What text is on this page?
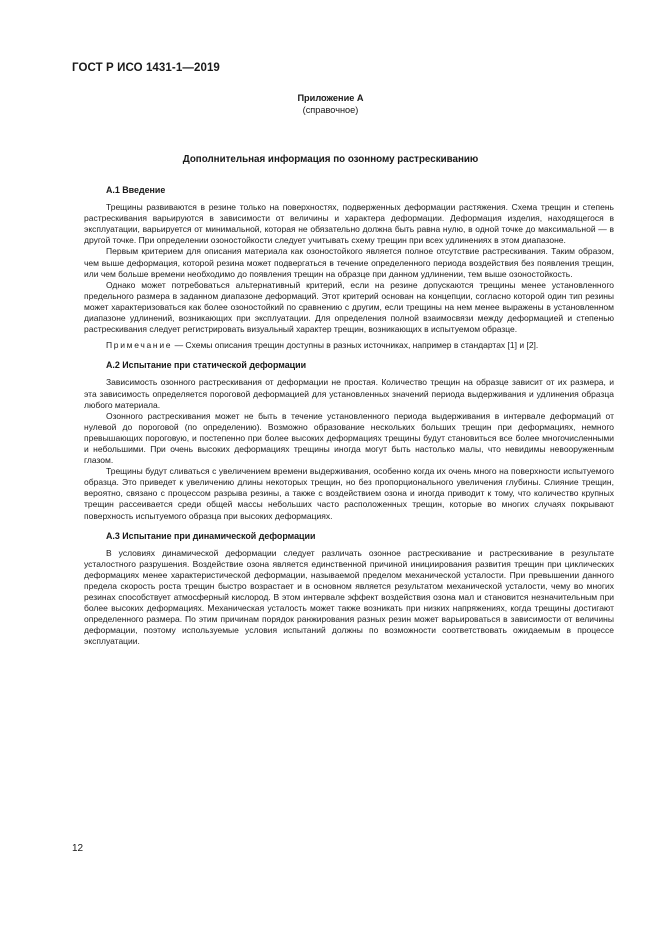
ГОСТ Р ИСО 1431-1—2019
Приложение А
(справочное)
Дополнительная информация по озонному растрескиванию
А.1 Введение

Трещины развиваются в резине только на поверхностях, подверженных деформации растяжения. Схема трещин и степень растрескивания варьируются в зависимости от величины и характера деформации. Деформация изделия, находящегося в эксплуатации, варьируется от минимальной, которая не обязательно должна быть равна нулю, в одной точке до максимальной — в другой точке. При определении озоностойкости следует учитывать схему трещин при всех удлинениях в этом диапазоне.

Первым критерием для описания материала как озоностойкого является полное отсутствие растрескивания. Таким образом, чем выше деформация, которой резина может подвергаться в течение определенного периода воздействия без появления трещин, или чем больше времени необходимо до появления трещин на образце при данном удлинении, тем выше озоностойкость.

Однако может потребоваться альтернативный критерий, если на резине допускаются трещины менее установленного предельного размера в заданном диапазоне деформаций. Этот критерий основан на концепции, согласно которой один тип резины может характеризоваться как более озоностойкий по сравнению с другим, если трещины на нем менее выражены в установленном диапазоне удлинений, возникающих при эксплуатации. Для определения полной взаимосвязи между деформацией и степенью растрескивания следует регистрировать визуальный характер трещин, возникающих в испытуемом образце.

Примечание — Схемы описания трещин доступны в разных источниках, например в стандартах [1] и [2].

А.2 Испытание при статической деформации

Зависимость озонного растрескивания от деформации не простая. Количество трещин на образце зависит от их размера, и эта зависимость определяется пороговой деформацией для установленных значений периода выдерживания и удлинения образца любого материала.

Озонного растрескивания может не быть в течение установленного периода выдерживания в интервале деформаций от нулевой до пороговой (по определению). Возможно образование нескольких больших трещин при деформациях, немного превышающих пороговую, и постепенно при более высоких деформациях трещины будут становиться все более многочисленными и небольшими. При очень высоких деформациях трещины иногда могут быть настолько малы, что невидимы невооруженным глазом.

Трещины будут сливаться с увеличением времени выдерживания, особенно когда их очень много на поверхности испытуемого образца. Это приведет к увеличению длины некоторых трещин, но без пропорционального увеличения глубины. Слияние трещин, вероятно, связано с процессом разрыва резины, а также с воздействием озона и иногда приводит к тому, что количество крупных трещин рассеивается среди общей массы небольших часто расположенных трещин, которые во многих случаях покрывают поверхность испытуемого образца при высоких деформациях.

А.3 Испытание при динамической деформации

В условиях динамической деформации следует различать озонное растрескивание и растрескивание в результате усталостного разрушения. Воздействие озона является единственной причиной инициирования развития трещин при циклических деформациях менее характеристической деформации, называемой пределом механической усталости. При превышении данного предела скорость роста трещин быстро возрастает и в основном является результатом механической усталости, чему во многих резинах способствует атмосферный кислород. В этом интервале эффект воздействия озона мал и становится незначительным при более высоких деформациях. Механическая усталость может также возникать при низких напряжениях, когда трещины достигают определенного размера. По этим причинам порядок ранжирования разных резин может варьироваться в зависимости от величины деформации, поэтому используемые условия испытаний должны по возможности соответствовать ожидаемым в процессе эксплуатации.

12
